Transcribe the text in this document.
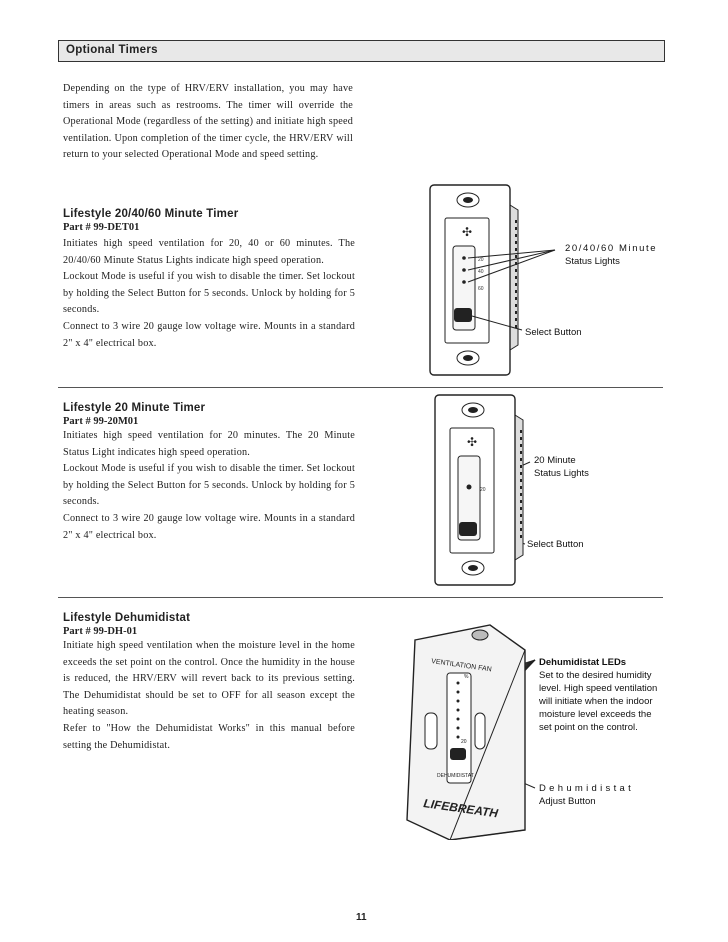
Optional Timers

Depending on the type of HRV/ERV installation, you may have timers in areas such as restrooms. The timer will override the Operational Mode (regardless of the setting) and initiate high speed ventilation. Upon completion of the timer cycle, the HRV/ERV will return to your selected Operational Mode and speed setting.

Lifestyle 20/40/60 Minute Timer
Part # 99-DET01

Initiates high speed ventilation for 20, 40 or 60 minutes. The 20/40/60 Minute Status Lights indicate high speed operation.

Lockout Mode is useful if you wish to disable the timer. Set lockout by holding the Select Button for 5 seconds. Unlock by holding for 5 seconds.

Connect to 3 wire 20 gauge low voltage wire. Mounts in a standard 2" x 4" electrical box.

Lifestyle 20 Minute Timer
Part # 99-20M01

Initiates high speed ventilation for 20 minutes. The 20 Minute Status Light indicates high speed operation.

Lockout Mode is useful if you wish to disable the timer. Set lockout by holding the Select Button for 5 seconds. Unlock by holding for 5 seconds.

Connect to 3 wire 20 gauge low voltage wire. Mounts in a standard 2" x 4" electrical box.

Lifestyle Dehumidistat
Part # 99-DH-01

Initiate high speed ventilation when the moisture level in the home exceeds the set point on the control. Once the humidity in the house is reduced, the HRV/ERV will revert back to its previous setting. The Dehumidistat should be set to OFF for all season except the heating season.

Refer to "How the Dehumidistat Works" in this manual before setting the Dehumidistat.

✣
20
40
60
20/40/60 Minute
Status Lights
Select Button
✣
20
20 Minute
Status Lights
Select Button
VENTILATION FAN
%
20
DEHUMIDISTAT
LIFEBREATH
Dehumidistat LEDs
Set to the desired humidity
level. High speed ventilation
will initiate when the indoor
moisture level exceeds the
set point on the control.
Dehumidistat
Adjust Button
11
